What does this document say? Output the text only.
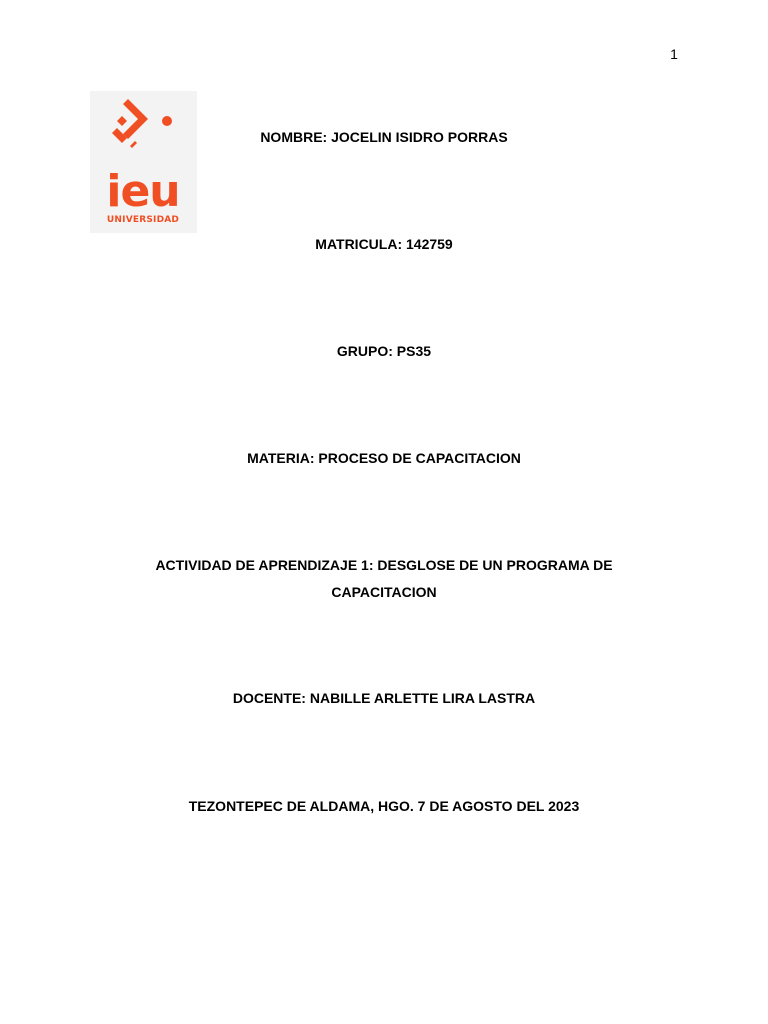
1
ieu
UNIVERSIDAD
NOMBRE: JOCELIN ISIDRO PORRAS
MATRICULA: 142759
GRUPO: PS35
MATERIA: PROCESO DE CAPACITACION
ACTIVIDAD DE APRENDIZAJE 1: DESGLOSE DE UN PROGRAMA DE CAPACITACION
DOCENTE: NABILLE ARLETTE LIRA LASTRA
TEZONTEPEC DE ALDAMA, HGO. 7 DE AGOSTO DEL 2023
